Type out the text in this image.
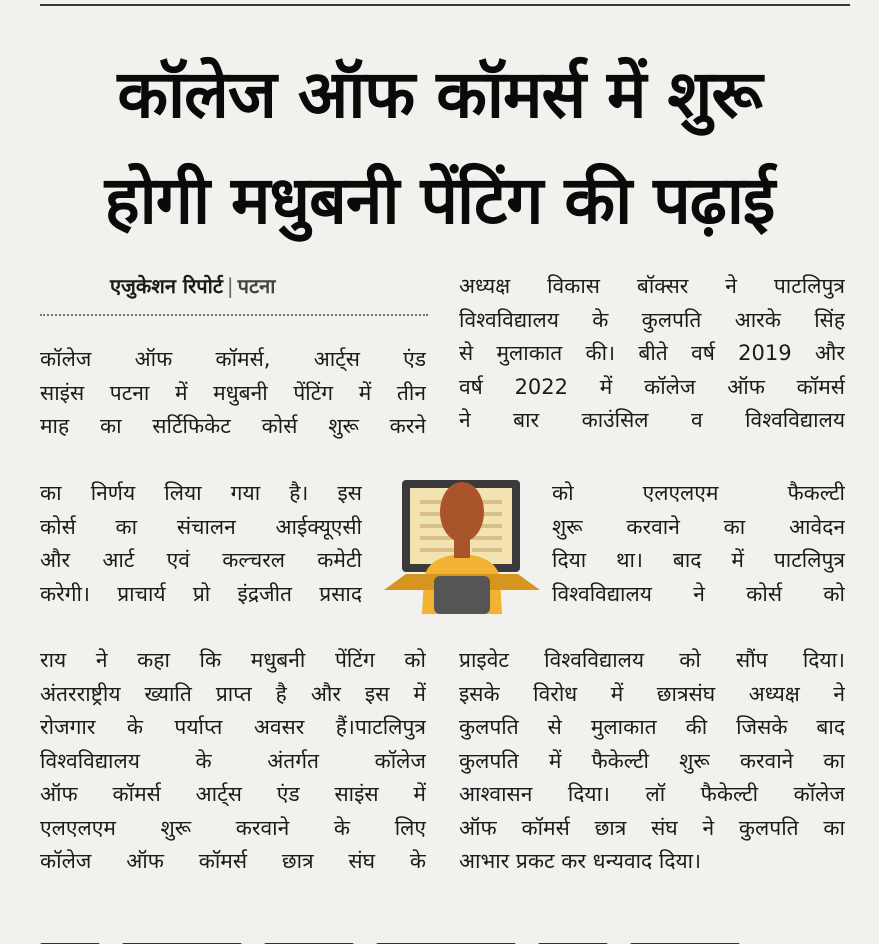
कॉलेज ऑफ कॉमर्स में शुरू
होगी मधुबनी पेंटिंग की पढ़ाई
एजुकेशन रिपोर्ट | पटना
कॉलेज ऑफ कॉमर्स, आर्ट्स एंड
साइंस पटना में मधुबनी पेंटिंग में तीन
माह का सर्टिफिकेट कोर्स शुरू करने
का निर्णय लिया गया है। इस
कोर्स का संचालन आईक्यूएसी
और आर्ट एवं कल्चरल कमेटी
करेगी। प्राचार्य प्रो इंद्रजीत प्रसाद
राय ने कहा कि मधुबनी पेंटिंग को
अंतरराष्ट्रीय ख्याति प्राप्त है और इस में
रोजगार के पर्याप्त अवसर हैं।पाटलिपुत्र
विश्वविद्यालय के अंतर्गत कॉलेज
ऑफ कॉमर्स आर्ट्स एंड साइंस में
एलएलएम शुरू करवाने के लिए
कॉलेज ऑफ कॉमर्स छात्र संघ के
अध्यक्ष विकास बॉक्सर ने पाटलिपुत्र
विश्वविद्यालय के कुलपति आरके सिंह
से मुलाकात की। बीते वर्ष 2019 और
वर्ष 2022 में कॉलेज ऑफ कॉमर्स
ने बार काउंसिल व विश्वविद्यालय
को एलएलएम फैकल्टी
शुरू करवाने का आवेदन
दिया था। बाद में पाटलिपुत्र
विश्वविद्यालय ने कोर्स को
प्राइवेट विश्वविद्यालय को सौंप दिया।
इसके विरोध में छात्रसंघ अध्यक्ष ने
कुलपति से मुलाकात की जिसके बाद
कुलपति में फैकेल्टी शुरू करवाने का
आश्वासन दिया। लॉ फैकेल्टी कॉलेज
ऑफ कॉमर्स छात्र संघ ने कुलपति का
आभार प्रकट कर धन्यवाद दिया।
